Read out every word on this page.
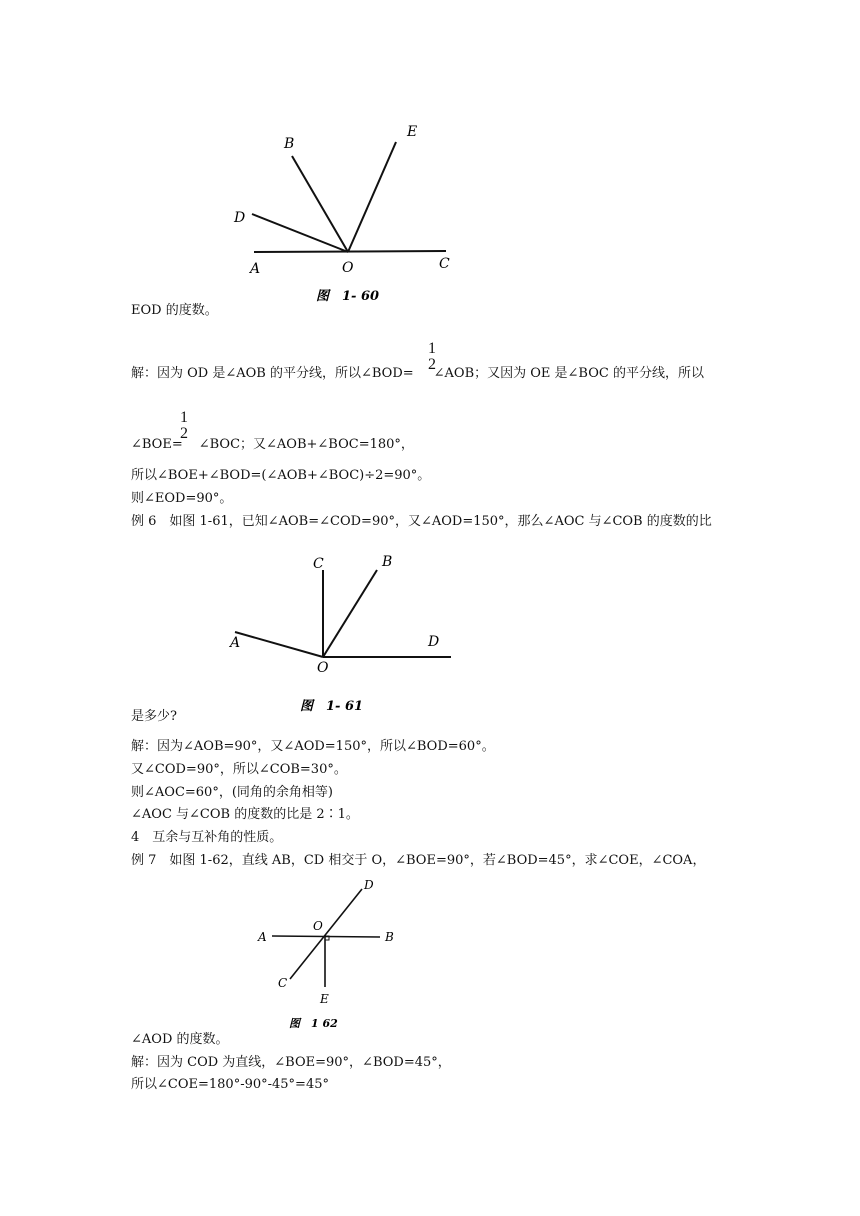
A	O	C
D
B
E
图　1- 60
A
O
D
C	B
图　1- 61
A
O
B
C
D
E
图　1 62
EOD 的度数。
解：因为 OD 是∠AOB 的平分线，所以∠BOD= ∠AOB；又因为 OE 是∠BOC 的平分线，所以
1
2
∠BOE= ∠BOC；又∠AOB+∠BOC=180°，
1
2
所以∠BOE+∠BOD=(∠AOB+∠BOC)÷2=90°。
则∠EOD=90°。
例 6　如图 1-61，已知∠AOB=∠COD=90°，又∠AOD=150°，那么∠AOC 与∠COB 的度数的比
是多少?
解：因为∠AOB=90°，又∠AOD=150°，所以∠BOD=60°。
又∠COD=90°，所以∠COB=30°。
则∠AOC=60°，(同角的余角相等)
∠AOC 与∠COB 的度数的比是 2∶1。
4　互余与互补角的性质。
例 7　如图 1-62，直线 AB，CD 相交于 O，∠BOE=90°，若∠BOD=45°，求∠COE，∠COA，
∠AOD 的度数。
解：因为 COD 为直线，∠BOE=90°，∠BOD=45°，
所以∠COE=180°-90°-45°=45°
